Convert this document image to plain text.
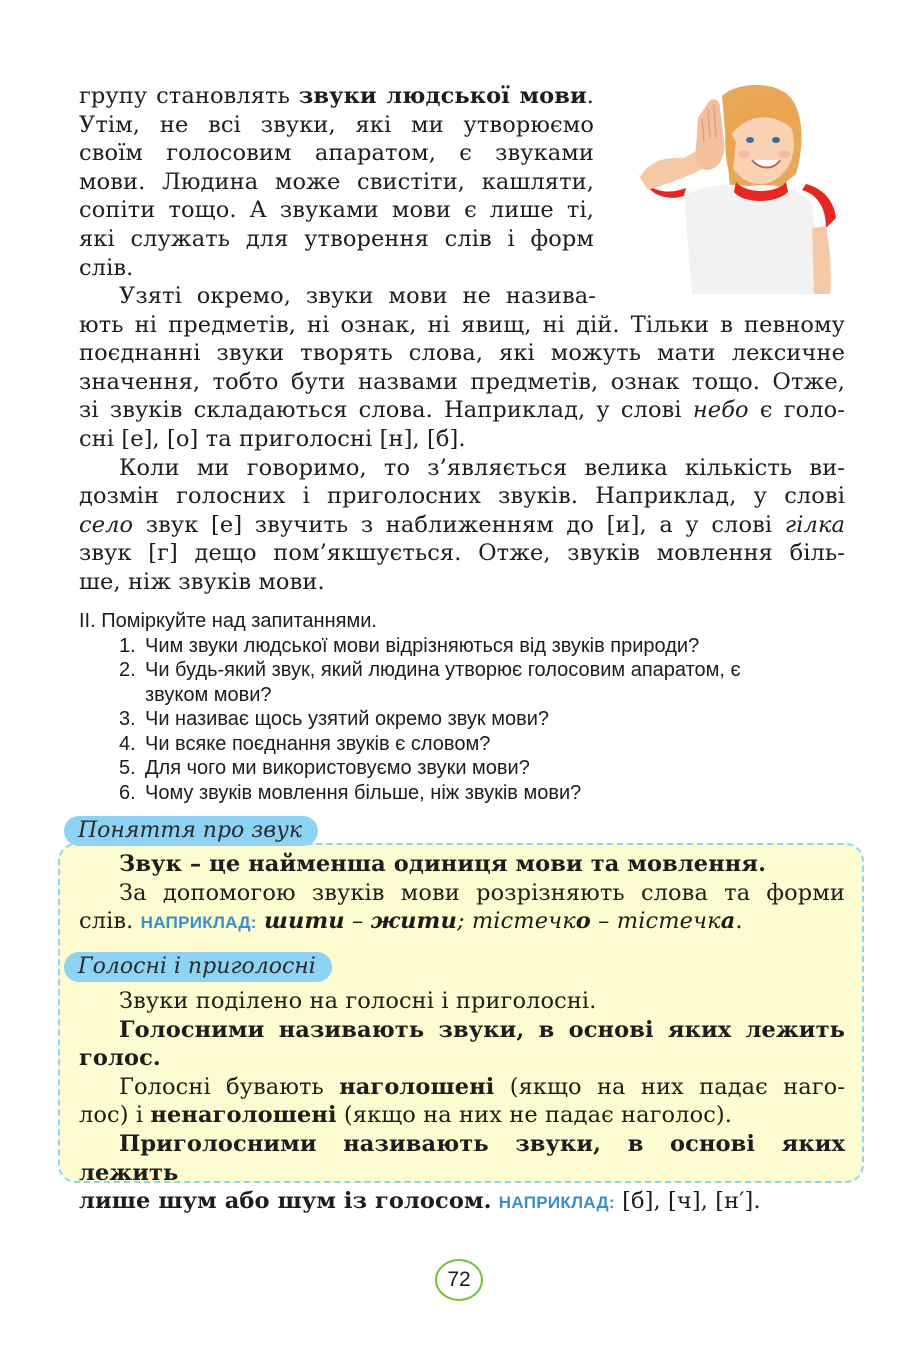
групу становлять звуки людської мови.

Утім, не всі звуки, які ми утворюємо

своїм голосовим апаратом, є звуками

мови. Людина може свистіти, кашляти,

сопіти тощо. А звуками мови є лише ті,

які служать для утворення слів і форм

слів.

Узяті окремо, звуки мови не назива-

ють ні предметів, ні ознак, ні явищ, ні дій. Тільки в певному

поєднанні звуки творять слова, які можуть мати лексичне

значення, тобто бути назвами предметів, ознак тощо. Отже,

зі звуків складаються слова. Наприклад, у слові небо є голо-

сні [е], [о] та приголосні [н], [б].

Коли ми говоримо, то з’являється велика кількість ви-

дозмін голосних і приголосних звуків. Наприклад, у слові

село звук [е] звучить з наближенням до [и], а у слові гілка

звук [г] дещо пом’якшується. Отже, звуків мовлення біль-

ше, ніж звуків мови.

ІІ. Поміркуйте над запитаннями.
1. Чим звуки людської мови відрізняються від звуків природи?
2. Чи будь-який звук, який людина утворює голосовим апаратом, є
звуком мови?
3. Чи називає щось узятий окремо звук мови?
4. Чи всяке поєднання звуків є словом?
5. Для чого ми використовуємо звуки мови?
6. Чому звуків мовлення більше, ніж звуків мови?
Поняття про звук

Звук – це найменша одиниця мови та мовлення.

За допомогою звуків мови розрізняють слова та форми

слів. НАПРИКЛАД: шити – жити; тістечко – тістечка.

Голосні і приголосні

Звуки поділено на голосні і приголосні.

Голосними називають звуки, в основі яких лежить голос.

Голосні бувають наголошені (якщо на них падає наго-

лос) і ненаголошені (якщо на них не падає наголос).

Приголосними називають звуки, в основі яких лежить

лише шум або шум із голосом. НАПРИКЛАД: [б], [ч], [н′].

72
